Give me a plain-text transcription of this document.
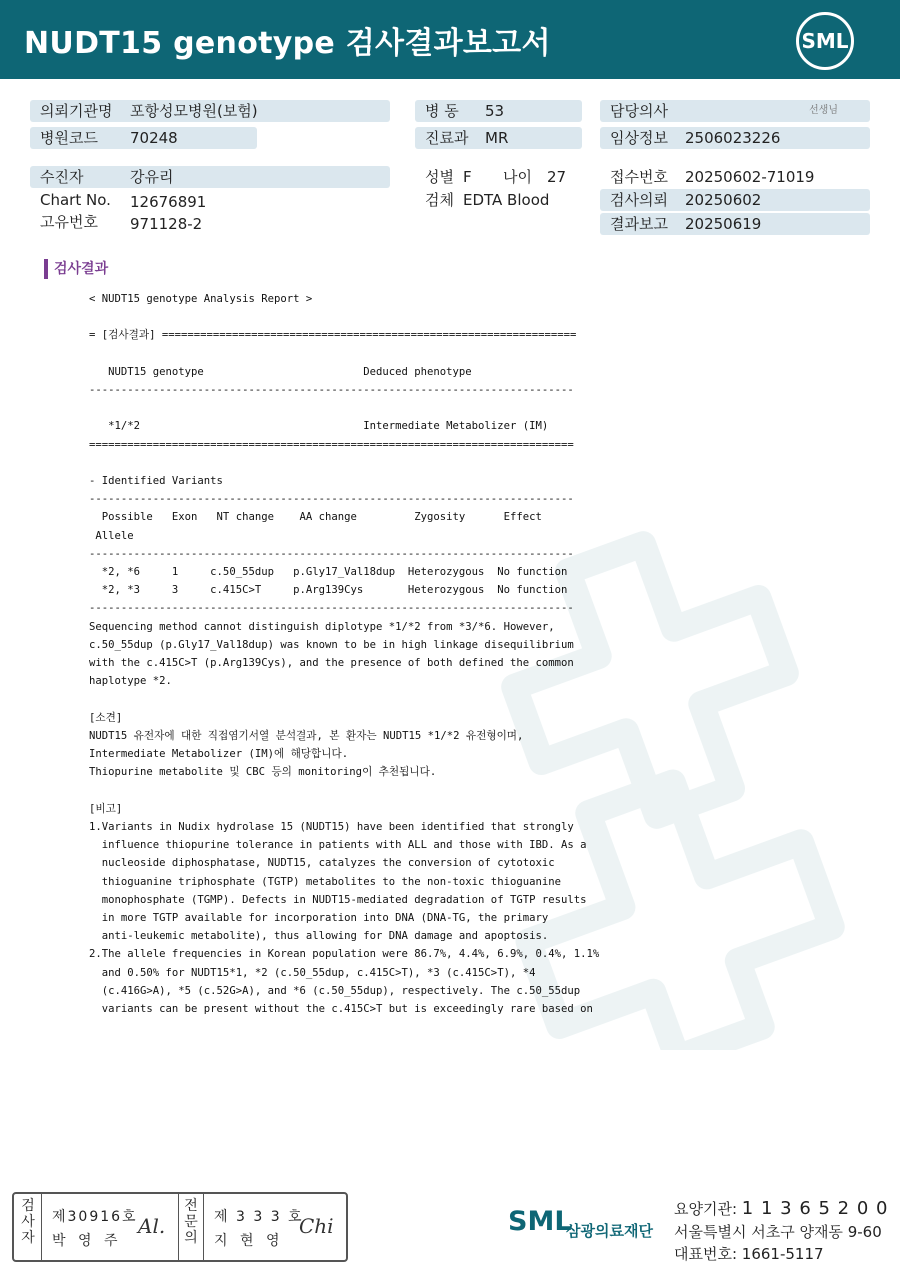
NUDT15 genotype 검사결과보고서	SML
의뢰기관명 포항성모병원(보험)
병원코드 70248
병 동 53
진료과 MR
담당의사	선생님
임상정보 2506023226
수진자	강유리
Chart No. 12676891
고유번호 971128-2
성별 F 나이 27
검체 EDTA Blood
접수번호 20250602-71019
검사의뢰 20250602
결과보고 20250619
검사결과
< NUDT15 genotype Analysis Report >

= [검사결과] =================================================================

NUDT15 genotype                         Deduced phenotype
----------------------------------------------------------------------------

*1/*2                                   Intermediate Metabolizer (IM)
============================================================================

- Identified Variants
----------------------------------------------------------------------------
Possible   Exon   NT change    AA change         Zygosity      Effect
Allele
----------------------------------------------------------------------------
*2, *6     1     c.50_55dup   p.Gly17_Val18dup  Heterozygous  No function
*2, *3     3     c.415C>T     p.Arg139Cys       Heterozygous  No function
----------------------------------------------------------------------------
Sequencing method cannot distinguish diplotype *1/*2 from *3/*6. However,
c.50_55dup (p.Gly17_Val18dup) was known to be in high linkage disequilibrium
with the c.415C>T (p.Arg139Cys), and the presence of both defined the common
haplotype *2.

[소견]
NUDT15 유전자에 대한 직접염기서열 분석결과, 본 환자는 NUDT15 *1/*2 유전형이며,
Intermediate Metabolizer (IM)에 해당합니다.
Thiopurine metabolite 및 CBC 등의 monitoring이 추천됩니다.

[비고]
1.Variants in Nudix hydrolase 15 (NUDT15) have been identified that strongly
influence thiopurine tolerance in patients with ALL and those with IBD. As a
nucleoside diphosphatase, NUDT15, catalyzes the conversion of cytotoxic
thioguanine triphosphate (TGTP) metabolites to the non-toxic thioguanine
monophosphate (TGMP). Defects in NUDT15-mediated degradation of TGTP results
in more TGTP available for incorporation into DNA (DNA-TG, the primary
anti-leukemic metabolite), thus allowing for DNA damage and apoptosis.
2.The allele frequencies in Korean population were 86.7%, 4.4%, 6.9%, 0.4%, 1.1%
and 0.50% for NUDT15*1, *2 (c.50_55dup, c.415C>T), *3 (c.415C>T), *4
(c.416G>A), *5 (c.52G>A), and *6 (c.50_55dup), respectively. The c.50_55dup
variants can be present without the c.415C>T but is exceedingly rare based on
검
사
자
제30916호
박 영 주
Al.
전
문
의
제 3 3 3 호
지 현 영
Chi	SML
삼광의료재단
요양기관: 1 1 3 6 5 2 0 0
서울특별시 서초구 양재동 9-60
대표번호: 1661-5117
